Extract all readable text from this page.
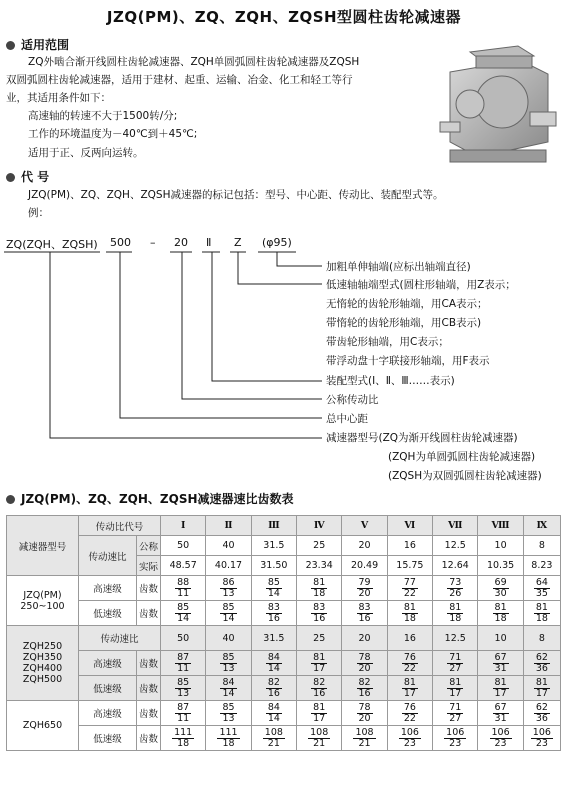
JZQ(PM)、ZQ、ZQH、ZQSH型圆柱齿轮减速器
适用范围
ZQ外啮合渐开线圆柱齿轮减速器、ZQH单圆弧圆柱齿轮减速器及ZQSH
双圆弧圆柱齿轮减速器，适用于建材、起重、运输、冶金、化工和轻工等行
业，其适用条件如下：
高速轴的转速不大于1500转/分;
工作的环境温度为－40℃到＋45℃;
适用于正、反两向运转。
代 号
JZQ(PM)、ZQ、ZQH、ZQSH减速器的标记包括：型号、中心距、传动比、装配型式等。
例：
ZQ(ZQH、ZQSH) 500 – 20 Ⅱ Z (φ95)
加粗单伸轴端(应标出轴端直径)
低速轴轴端型式(圆柱形轴端，用Z表示；
无惰轮的齿轮形轴端，用CA表示；
带惰轮的齿轮形轴端，用CB表示)
带齿轮形轴端，用C表示；
带浮动盘十字联接形轴端，用F表示
装配型式(Ⅰ、Ⅱ、Ⅲ……表示)
公称传动比
总中心距
减速器型号(ZQ为渐开线圆柱齿轮减速器)
(ZQH为单圆弧圆柱齿轮减速器)
(ZQSH为双圆弧圆柱齿轮减速器)
JZQ(PM)、ZQ、ZQH、ZQSH减速器速比齿数表
减速器型号	传动比代号		Ⅰ	Ⅱ	Ⅲ	Ⅳ	Ⅴ	Ⅵ	Ⅶ	Ⅷ	Ⅸ
	传动速比	公称	50	40	31.5	25	20	16	12.5	10	8
		实际	48.57	40.17	31.50	23.34	20.49	15.75	12.64	10.35	8.23
JZQ(PM)
250~100	高速级	齿数	$\frac{88}{11}$	$\frac{86}{13}$	$\frac{85}{14}$	$\frac{81}{18}$	$\frac{79}{20}$	$\frac{77}{22}$	$\frac{73}{26}$	$\frac{69}{30}$	$\frac{64}{35}$

	低速级	齿数	$\frac{85}{14}$	$\frac{85}{14}$	$\frac{83}{16}$	$\frac{83}{16}$	$\frac{83}{16}$	$\frac{81}{18}$	$\frac{81}{18}$	$\frac{81}{18}$	$\frac{81}{18}$

ZQH250
ZQH350
ZQH400
ZQH500	传动速比		50	40	31.5	25	20	16	12.5	10	8
	高速级	齿数	$\frac{87}{11}$	$\frac{85}{13}$	$\frac{84}{14}$	$\frac{81}{17}$	$\frac{78}{20}$	$\frac{76}{22}$	$\frac{71}{27}$	$\frac{67}{31}$	$\frac{62}{36}$

	低速级	齿数	$\frac{85}{13}$	$\frac{84}{14}$	$\frac{82}{16}$	$\frac{82}{16}$	$\frac{82}{16}$	$\frac{81}{17}$	$\frac{81}{17}$	$\frac{81}{17}$	$\frac{81}{17}$

ZQH650	高速级	齿数	$\frac{87}{11}$	$\frac{85}{13}$	$\frac{84}{14}$	$\frac{81}{17}$	$\frac{78}{20}$	$\frac{76}{22}$	$\frac{71}{27}$	$\frac{67}{31}$	$\frac{62}{36}$

	低速级	齿数	$\frac{111}{18}$	$\frac{111}{18}$	$\frac{108}{21}$	$\frac{108}{21}$	$\frac{108}{21}$	$\frac{106}{23}$	$\frac{106}{23}$	$\frac{106}{23}$	$\frac{106}{23}$
